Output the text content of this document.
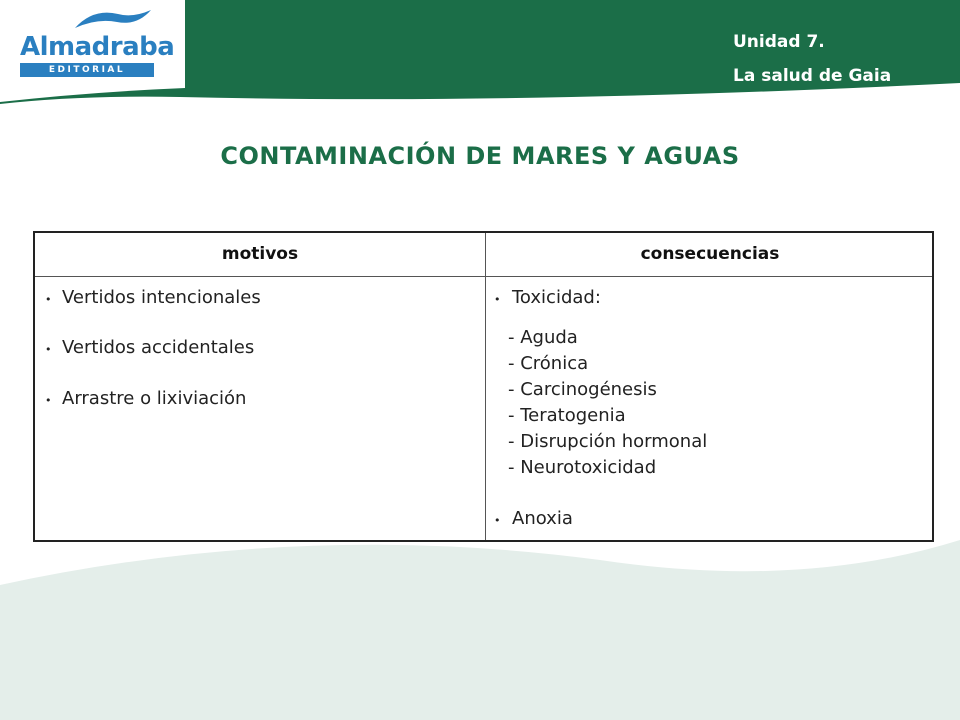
Almadraba
EDITORIAL
Unidad 7.
La salud de Gaia
CONTAMINACIÓN DE MARES Y AGUAS
motivos	consecuencias
• Vertidos intencionales
• Vertidos accidentales
• Arrastre o lixiviación
• Toxicidad:
- Aguda
- Crónica
- Carcinogénesis
- Teratogenia
- Disrupción hormonal
- Neurotoxicidad
• Anoxia
